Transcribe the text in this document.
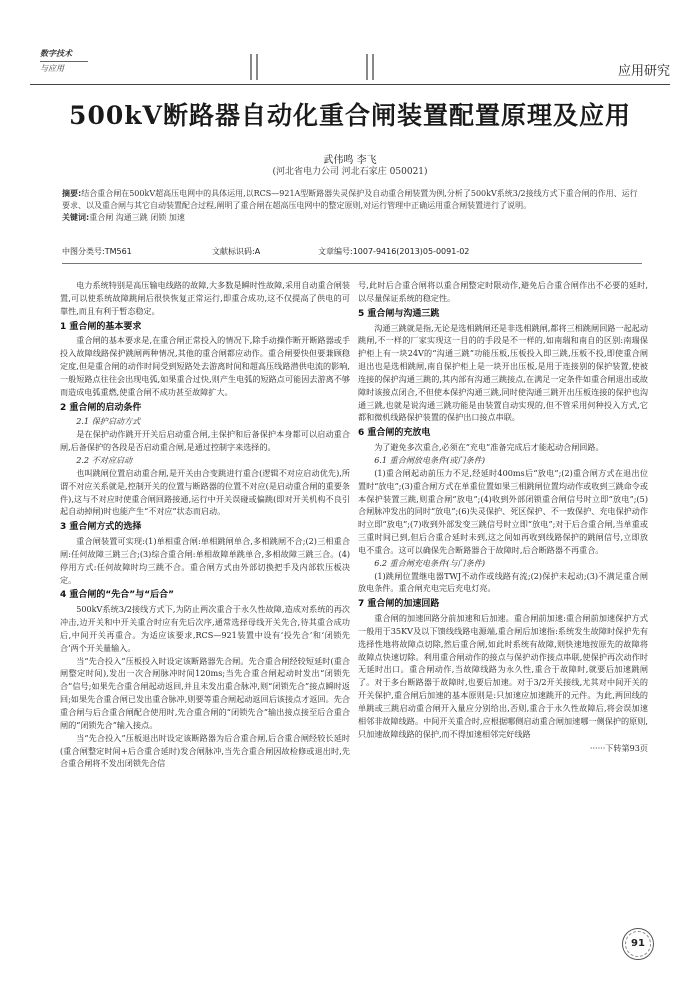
数字技术
与应用	应用研究
500kV断路器自动化重合闸装置配置原理及应用
武伟鸣 李飞
(河北省电力公司 河北石家庄 050021)
摘要:结合重合闸在500kV超高压电网中的具体运用,以RCS—921A型断路器失灵保护及自动重合闸装置为例,分析了500kV系统3/2接线方式下重合闸的作用、运行要求、以及重合闸与其它自动装置配合过程,阐明了重合闸在超高压电网中的整定原则,对运行管理中正确运用重合闸装置进行了说明。
关键词:重合闸 沟通三跳 闭锁 加速
中图分类号:TM561	文献标识码:A	文章编号:1007-9416(2013)05-0091-02

电力系统特别是高压输电线路的故障,大多数是瞬时性故障,采用自动重合闸装置,可以使系统故障跳闸后很快恢复正常运行,即重合成功,这不仅提高了供电的可靠性,而且有利于暂态稳定。

1 重合闸的基本要求

重合闸的基本要求是,在重合闸正常投入的情况下,除手动操作断开断路器或手投入故障线路保护跳闸两种情况,其他的重合闸都应动作。重合闸要快但要兼顾稳定度,但是重合闸的动作时间受到短路处去游离时间和超高压线路潜供电流的影响,一般短路点往往会出现电弧,如果重合过快,则产生电弧的短路点可能因去游离不够而造成电弧重燃,使重合闸不成功甚至故障扩大。

2 重合闸的启动条件

2.1 保护启动方式

是在保护动作跳开开关后启动重合闸,主保护和后备保护本身都可以启动重合闸,后备保护的各段是否启动重合闸,是通过控制字来选择的。

2.2 不对应启动

也叫跳闸位置启动重合闸,是开关由合变跳进行重合(逻辑不对应启动优先),所谓不对应关系就是,控制开关的位置与断路器的位置不对应(是启动重合闸的重要条件),这与不对应时使重合闸回路接通,运行中开关误碰或偏跳(即对开关机构不良引起自动掉闸)时也能产生“不对应”状态而启动。

3 重合闸方式的选择

重合闸装置可实现:(1)单相重合闸:单相跳闸单合,多相跳闸不合;(2)三相重合闸:任何故障三跳三合;(3)综合重合闸:单相故障单跳单合,多相故障三跳三合。(4)停用方式:任何故障时均三跳不合。重合闸方式由外部切换把手及内部软压板决定。

4 重合闸的“先合”与“后合”

500kV系统3/2接线方式下,为防止两次重合于永久性故障,造成对系统的再次冲击,边开关和中开关重合时应有先后次序,通常选择母线开关先合,待其重合成功后,中间开关再重合。为适应该要求,RCS—921装置中设有‘投先合’和‘闭锁先合’两个开关量输入。

当“先合投入”压板投入时设定该断路器先合闸。先合重合闸经较短延时(重合闸整定时间),发出一次合闸脉冲时间120ms;当先合重合闸起动时发出“闭锁先合”信号;如果先合重合闸起动返回,并且未发出重合脉冲,则“闭锁先合”接点瞬时返回;如果先合重合闸已发出重合脉冲,则要等重合闸起动返回后该接点才返回。先合重合闸与后合重合闸配合使用时,先合重合闸的“闭锁先合”输出接点接至后合重合闸的“闭锁先合”输入接点。

当“先合投入”压板退出时设定该断路器为后合重合闸,后合重合闸经较长延时(重合闸整定时间+后合重合延时)发合闸脉冲,当先合重合闸因故检修或退出时,先合重合闸将不发出闭锁先合信

号,此时后合重合闸将以重合闸整定时限动作,避免后合重合闸作出不必要的延时,以尽量保证系统的稳定性。

5 重合闸与沟通三跳

沟通三跳就是指,无论是选相跳闸还是非选相跳闸,都将三相跳闸回路一起起动跳闸,不一样的厂家实现这一目的的手段是不一样的,如南瑞和南自的区别:南瑞保护柜上有一块24V的“沟通三跳”功能压板,压板投入即三跳,压板不投,即使重合闸退出也是选相跳闸,南自保护柜上是一块开出压板,是用于连接别的保护装置,使被连接的保护沟通三跳的,其内部有沟通三跳接点,在满足一定条件如重合闸退出或故障时该接点闭合,不但使本保护沟通三跳,同时使沟通三跳开出压板连接的保护也沟通三跳,也就是说沟通三跳功能是由装置自动实现的,但不管采用何种投入方式,它都和微机线路保护装置的保护出口接点串联。

6 重合闸的充放电

为了避免多次重合,必须在“充电”准备完成后才能起动合闸回路。

6.1 重合闸放电条件(或门条件)

(1)重合闸起动前压力不足,经延时400ms后“放电”;(2)重合闸方式在退出位置时“放电”;(3)重合闸方式在单重位置如果三相跳闸位置均动作或收到三跳命令或本保护装置三跳,则重合闸“放电”;(4)收到外部闭锁重合闸信号时立即“放电”;(5)合闸脉冲发出的同时“放电”;(6)失灵保护、死区保护、不一致保护、充电保护动作时立即“放电”;(7)收到外部发变三跳信号时立即“放电”;对于后合重合闸,当单重或三重时间已到,但后合重合延时未到,这之间如再收到线路保护的跳闸信号,立即放电不重合。这可以确保先合断路器合于故障时,后合断路器不再重合。

6.2 重合闸充电条件(与门条件)

(1)跳闸位置继电器TWJ不动作或线路有流;(2)保护未起动;(3)不满足重合闸放电条件。重合闸充电完后充电灯亮。

7 重合闸的加速回路

重合闸的加速回路分前加速和后加速。重合闸前加速:重合闸前加速保护方式一般用于35KV及以下馈线线路电源端,重合闸后加速指:系统发生故障时保护先有选择性地将故障点切除,然后重合闸,如此时系统有故障,则快速地按原先的故障将故障点快速切除。利用重合闸动作的接点与保护动作接点串联,使保护再次动作时无延时出口。重合闸动作,当故障线路为永久性,重合于故障时,就要后加速跳闸了。对于多台断路器于故障时,也要后加速。对于3/2开关接线,尤其对中间开关的开关保护,重合闸后加速的基本原则是:只加速应加速跳开的元件。为此,两回线的单跳或三跳启动重合闸开入量应分别给出,否则,重合于永久性故障后,将会误加速相邻非故障线路。中间开关重合时,应根据哪侧启动重合闸加速哪一侧保护的原则,只加速故障线路的保护,而不得加速相邻完好线路

······下转第93页
91
